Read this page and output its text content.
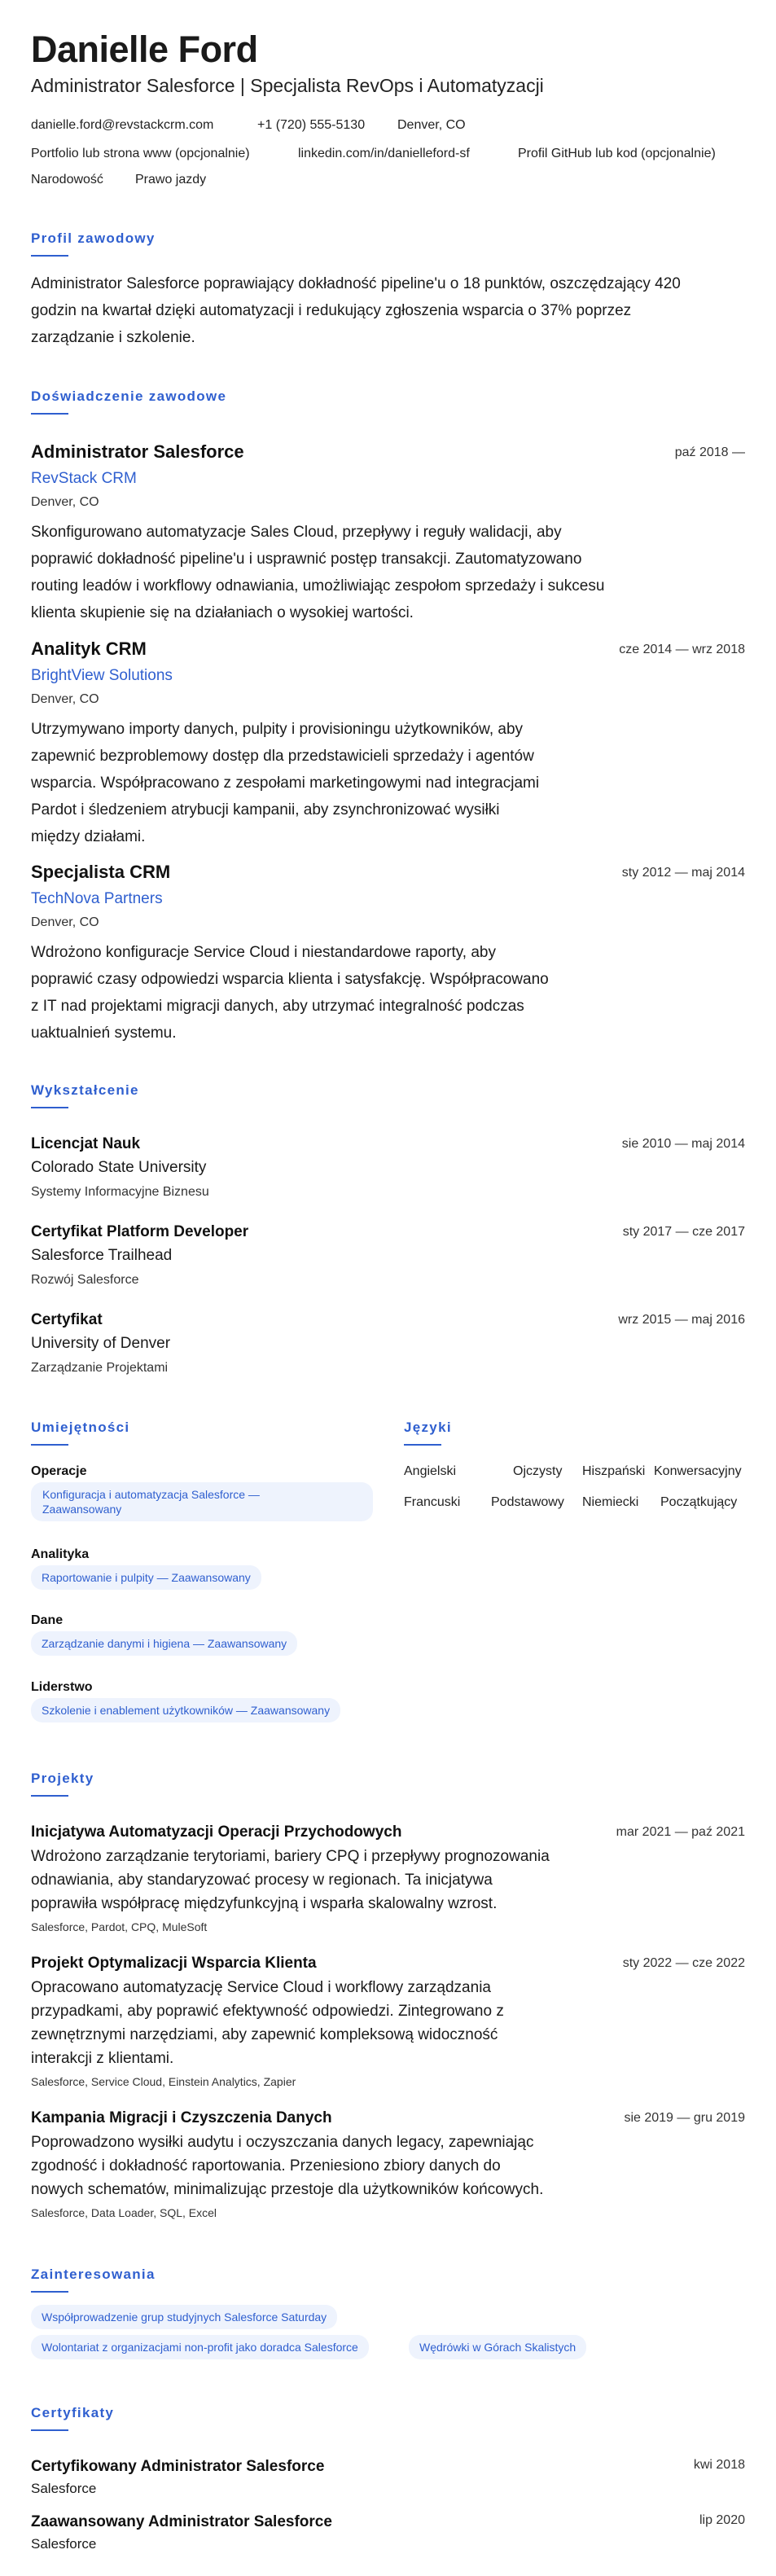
Danielle Ford
Administrator Salesforce | Specjalista RevOps i Automatyzacji
danielle.ford@revstackcrm.com	+1 (720) 555-5130 Denver, CO
Portfolio lub strona www (opcjonalnie)	linkedin.com/in/danielleford-sf	Profil GitHub lub kod (opcjonalnie)
Narodowość Prawo jazdy
Profil zawodowy
Administrator Salesforce poprawiający dokładność pipeline'u o 18 punktów, oszczędzający 420
godzin na kwartał dzięki automatyzacji i redukujący zgłoszenia wsparcia o 37% poprzez
zarządzanie i szkolenie.
Doświadczenie zawodowe
Administrator Salesforce	paź 2018 —
RevStack CRM
Denver, CO
Skonfigurowano automatyzacje Sales Cloud, przepływy i reguły walidacji, aby
poprawić dokładność pipeline'u i usprawnić postęp transakcji. Zautomatyzowano
routing leadów i workflowy odnawiania, umożliwiając zespołom sprzedaży i sukcesu
klienta skupienie się na działaniach o wysokiej wartości.
Analityk CRM	cze 2014 — wrz 2018
BrightView Solutions
Denver, CO
Utrzymywano importy danych, pulpity i provisioningu użytkowników, aby
zapewnić bezproblemowy dostęp dla przedstawicieli sprzedaży i agentów
wsparcia. Współpracowano z zespołami marketingowymi nad integracjami
Pardot i śledzeniem atrybucji kampanii, aby zsynchronizować wysiłki
między działami.
Specjalista CRM	sty 2012 — maj 2014
TechNova Partners
Denver, CO
Wdrożono konfiguracje Service Cloud i niestandardowe raporty, aby
poprawić czasy odpowiedzi wsparcia klienta i satysfakcję. Współpracowano
z IT nad projektami migracji danych, aby utrzymać integralność podczas
uaktualnień systemu.
Wykształcenie
Licencjat Nauk	sie 2010 — maj 2014
Colorado State University
Systemy Informacyjne Biznesu
Certyfikat Platform Developer	sty 2017 — cze 2017
Salesforce Trailhead
Rozwój Salesforce
Certyfikat	wrz 2015 — maj 2016
University of Denver
Zarządzanie Projektami
Umiejętności
Operacje
Konfiguracja i automatyzacja Salesforce —
Zaawansowany
Analityka
Raportowanie i pulpity — Zaawansowany
Dane
Zarządzanie danymi i higiena — Zaawansowany
Liderstwo
Szkolenie i enablement użytkowników — Zaawansowany
Języki
Angielski	Ojczysty Hiszpański Konwersacyjny
Francuski Podstawowy Niemiecki Początkujący
Projekty
Inicjatywa Automatyzacji Operacji Przychodowych	mar 2021 — paź 2021
Wdrożono zarządzanie terytoriami, bariery CPQ i przepływy prognozowania
odnawiania, aby standaryzować procesy w regionach. Ta inicjatywa
poprawiła współpracę międzyfunkcyjną i wsparła skalowalny wzrost.
Salesforce, Pardot, CPQ, MuleSoft
Projekt Optymalizacji Wsparcia Klienta	sty 2022 — cze 2022
Opracowano automatyzację Service Cloud i workflowy zarządzania
przypadkami, aby poprawić efektywność odpowiedzi. Zintegrowano z
zewnętrznymi narzędziami, aby zapewnić kompleksową widoczność
interakcji z klientami.
Salesforce, Service Cloud, Einstein Analytics, Zapier
Kampania Migracji i Czyszczenia Danych	sie 2019 — gru 2019
Poprowadzono wysiłki audytu i oczyszczania danych legacy, zapewniając
zgodność i dokładność raportowania. Przeniesiono zbiory danych do
nowych schematów, minimalizując przestoje dla użytkowników końcowych.
Salesforce, Data Loader, SQL, Excel
Zainteresowania
Współprowadzenie grup studyjnych Salesforce Saturday
Wolontariat z organizacjami non-profit jako doradca Salesforce	Wędrówki w Górach Skalistych
Certyfikaty
Certyfikowany Administrator Salesforce	kwi 2018
Salesforce
Zaawansowany Administrator Salesforce	lip 2020
Salesforce
